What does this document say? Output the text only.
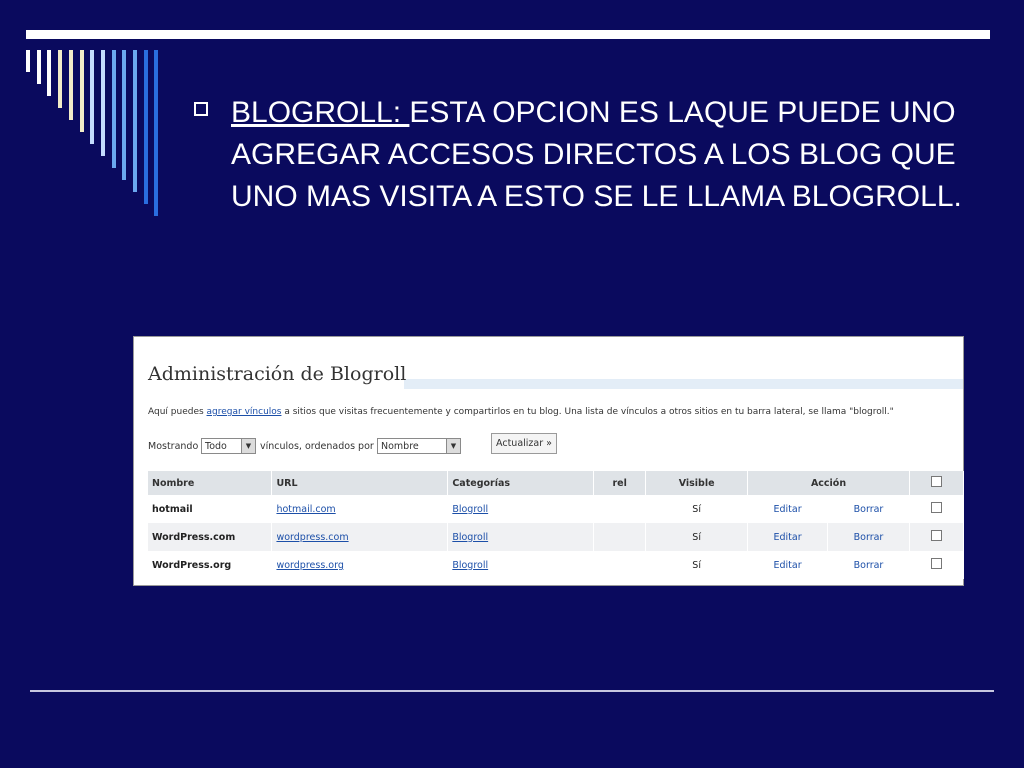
BLOGROLL: ESTA OPCION ES LAQUE PUEDE UNO AGREGAR ACCESOS DIRECTOS A LOS BLOG QUE UNO MAS VISITA A ESTO SE LE LLAMA BLOGROLL.
Administración de Blogroll
Aquí puedes agregar vínculos a sitios que visitas frecuentemente y compartirlos en tu blog. Una lista de vínculos a otros sitios en tu barra lateral, se llama "blogroll."
Mostrando Todo	▼ vínculos, ordenados por Nombre	▼	Actualizar »
Nombre	URL	Categorías	rel	Visible	Acción		
hotmail	hotmail.com	Blogroll		Sí	Editar	Borrar	
WordPress.com	wordpress.com	Blogroll		Sí	Editar	Borrar	
WordPress.org	wordpress.org	Blogroll		Sí	Editar	Borrar	
